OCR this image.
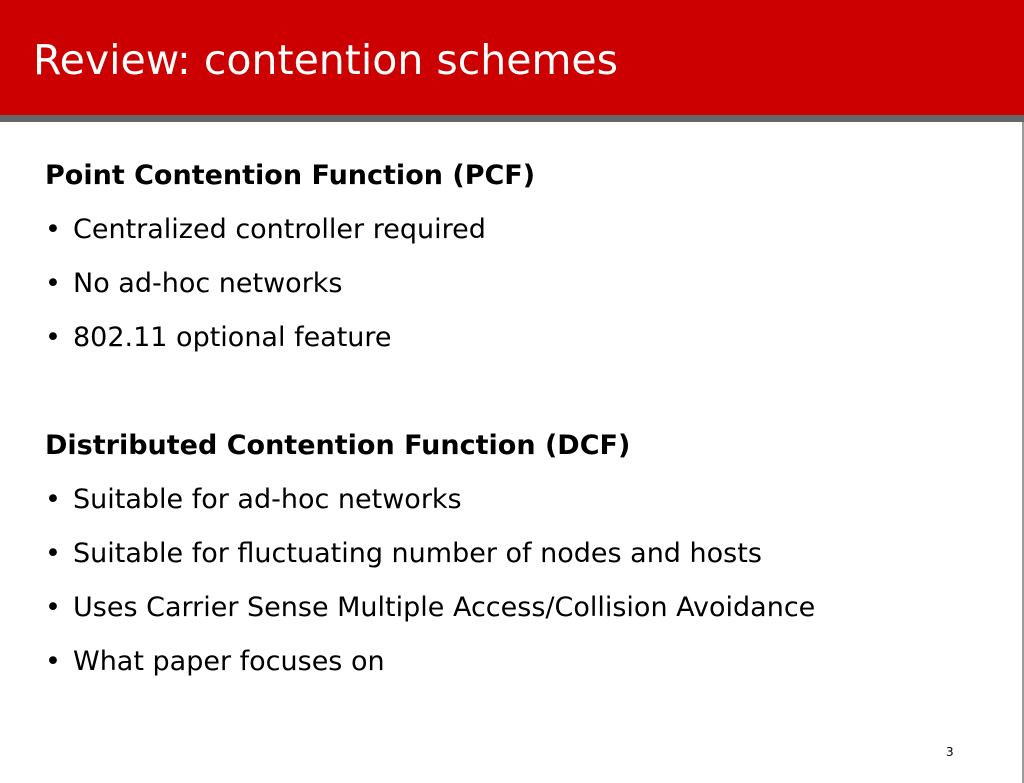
Review: contention schemes
Point Contention Function (PCF)
• Centralized controller required
• No ad-hoc networks
• 802.11 optional feature
Distributed Contention Function (DCF)
• Suitable for ad-hoc networks
• Suitable for fluctuating number of nodes and hosts
• Uses Carrier Sense Multiple Access/Collision Avoidance
• What paper focuses on
3
